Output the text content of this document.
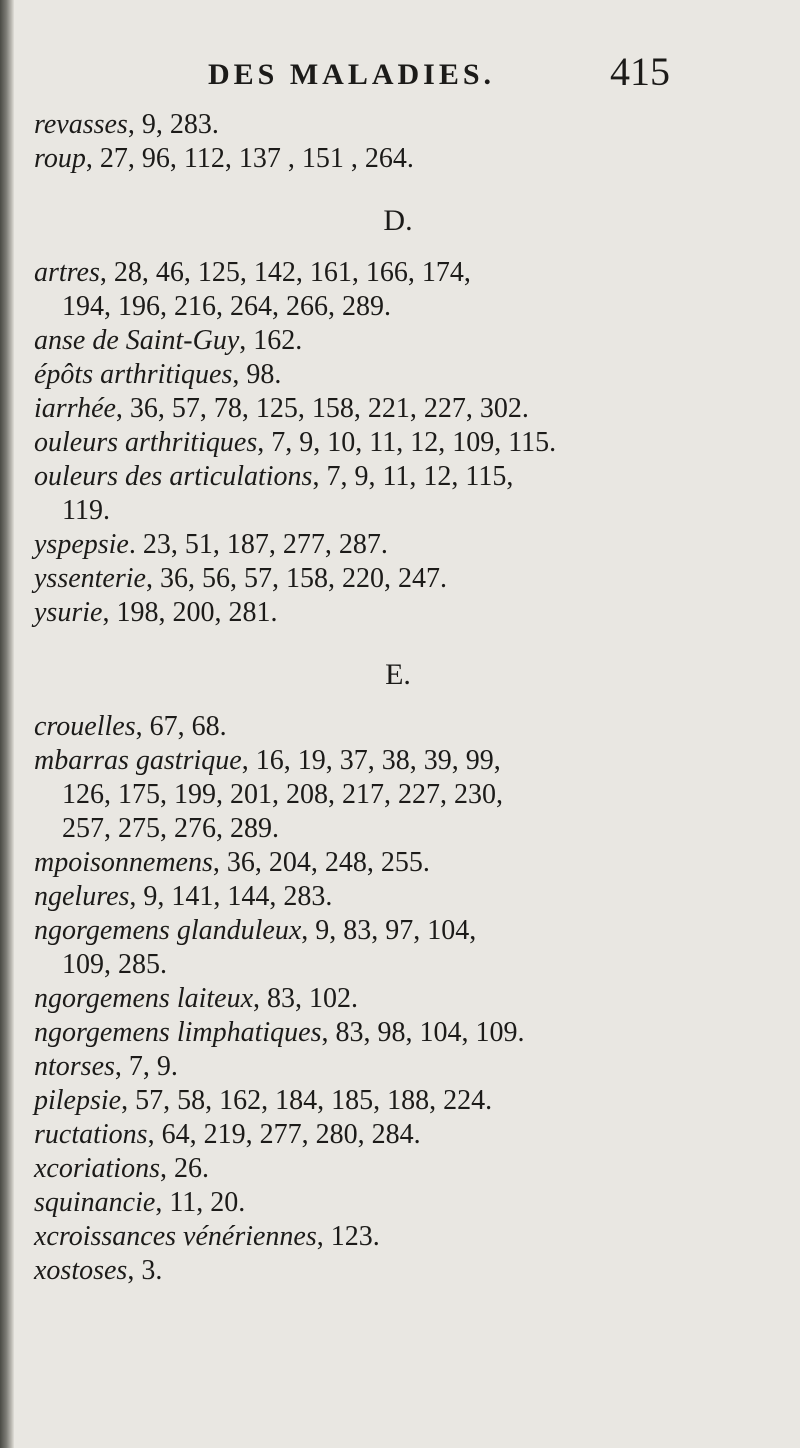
DES MALADIES.	415
revasses, 9, 283.
roup, 27, 96, 112, 137 , 151 , 264.
D.
artres, 28, 46, 125, 142, 161, 166, 174,
194, 196, 216, 264, 266, 289.
anse de Saint-Guy, 162.
épôts arthritiques, 98.
iarrhée, 36, 57, 78, 125, 158, 221, 227, 302.
ouleurs arthritiques, 7, 9, 10, 11, 12, 109, 115.
ouleurs des articulations, 7, 9, 11, 12, 115,
119.
yspepsie. 23, 51, 187, 277, 287.
yssenterie, 36, 56, 57, 158, 220, 247.
ysurie, 198, 200, 281.
E.
crouelles, 67, 68.
mbarras gastrique, 16, 19, 37, 38, 39, 99,
126, 175, 199, 201, 208, 217, 227, 230,
257, 275, 276, 289.
mpoisonnemens, 36, 204, 248, 255.
ngelures, 9, 141, 144, 283.
ngorgemens glanduleux, 9, 83, 97, 104,
109, 285.
ngorgemens laiteux, 83, 102.
ngorgemens limphatiques, 83, 98, 104, 109.
ntorses, 7, 9.
pilepsie, 57, 58, 162, 184, 185, 188, 224.
ructations, 64, 219, 277, 280, 284.
xcoriations, 26.
squinancie, 11, 20.
xcroissances vénériennes, 123.
xostoses, 3.
